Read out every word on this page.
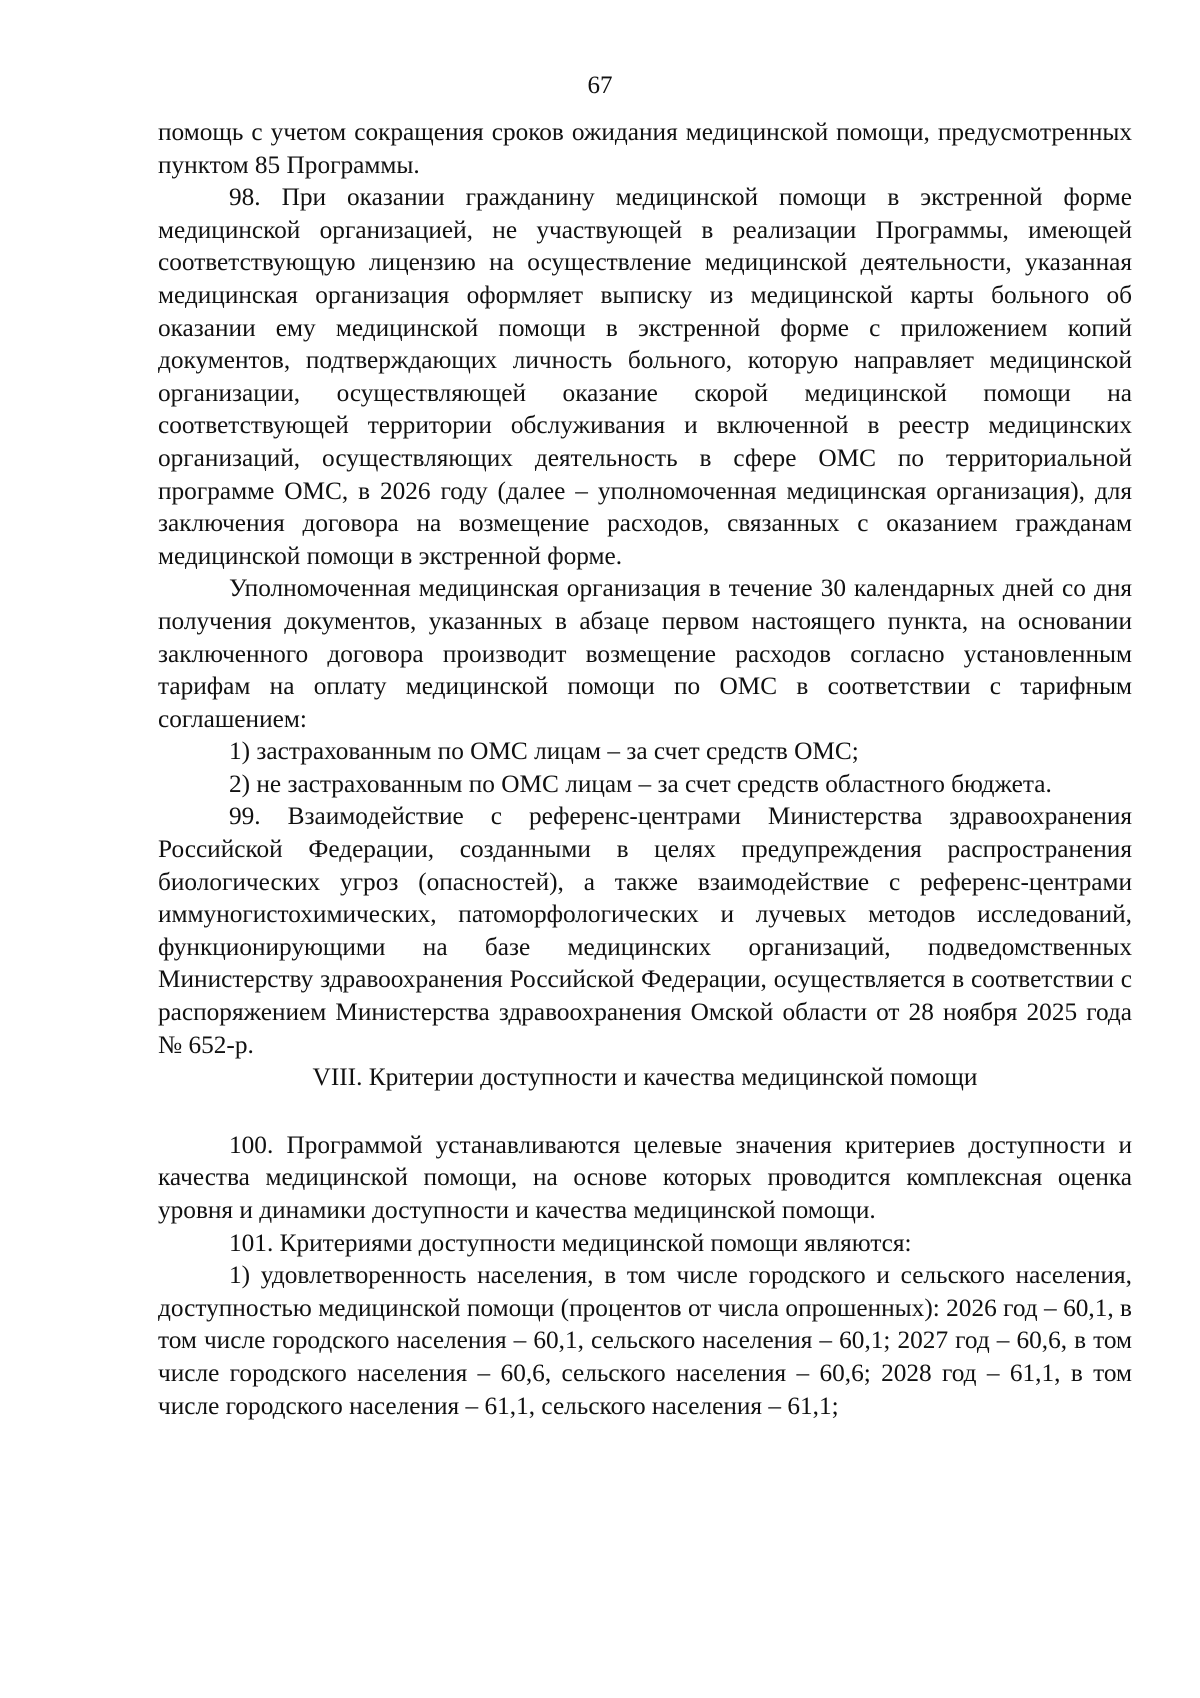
67

помощь с учетом сокращения сроков ожидания медицинской помощи, предусмотренных пунктом 85 Программы.

98. При оказании гражданину медицинской помощи в экстренной форме медицинской организацией, не участвующей в реализации Программы, имеющей соответствующую лицензию на осуществление медицинской деятельности, указанная медицинская организация оформляет выписку из медицинской карты больного об оказании ему медицинской помощи в экстренной форме с приложением копий документов, подтверждающих личность больного, которую направляет медицинской организации, осуществляющей оказание скорой медицинской помощи на соответствующей территории обслуживания и включенной в реестр медицинских организаций, осуществляющих деятельность в сфере ОМС по территориальной программе ОМС, в 2026 году (далее – уполномоченная медицинская организация), для заключения договора на возмещение расходов, связанных с оказанием гражданам медицинской помощи в экстренной форме.

Уполномоченная медицинская организация в течение 30 календарных дней со дня получения документов, указанных в абзаце первом настоящего пункта, на основании заключенного договора производит возмещение расходов согласно установленным тарифам на оплату медицинской помощи по ОМС в соответствии с тарифным соглашением:

1) застрахованным по ОМС лицам – за счет средств ОМС;

2) не застрахованным по ОМС лицам – за счет средств областного бюджета.

99. Взаимодействие с референс-центрами Министерства здравоохранения Российской Федерации, созданными в целях предупреждения распространения биологических угроз (опасностей), а также взаимодействие с референс-центрами иммуногистохимических, патоморфологических и лучевых методов исследований, функционирующими на базе медицинских организаций, подведомственных Министерству здравоохранения Российской Федерации, осуществляется в соответствии с распоряжением Министерства здравоохранения Омской области от 28 ноября 2025 года № 652-р.

VIII. Критерии доступности и качества медицинской помощи

100. Программой устанавливаются целевые значения критериев доступности и качества медицинской помощи, на основе которых проводится комплексная оценка уровня и динамики доступности и качества медицинской помощи.

101. Критериями доступности медицинской помощи являются:

1) удовлетворенность населения, в том числе городского и сельского населения, доступностью медицинской помощи (процентов от числа опрошенных): 2026 год – 60,1, в том числе городского населения – 60,1, сельского населения – 60,1; 2027 год – 60,6, в том числе городского населения – 60,6, сельского населения – 60,6; 2028 год – 61,1, в том числе городского населения – 61,1, сельского населения – 61,1;
